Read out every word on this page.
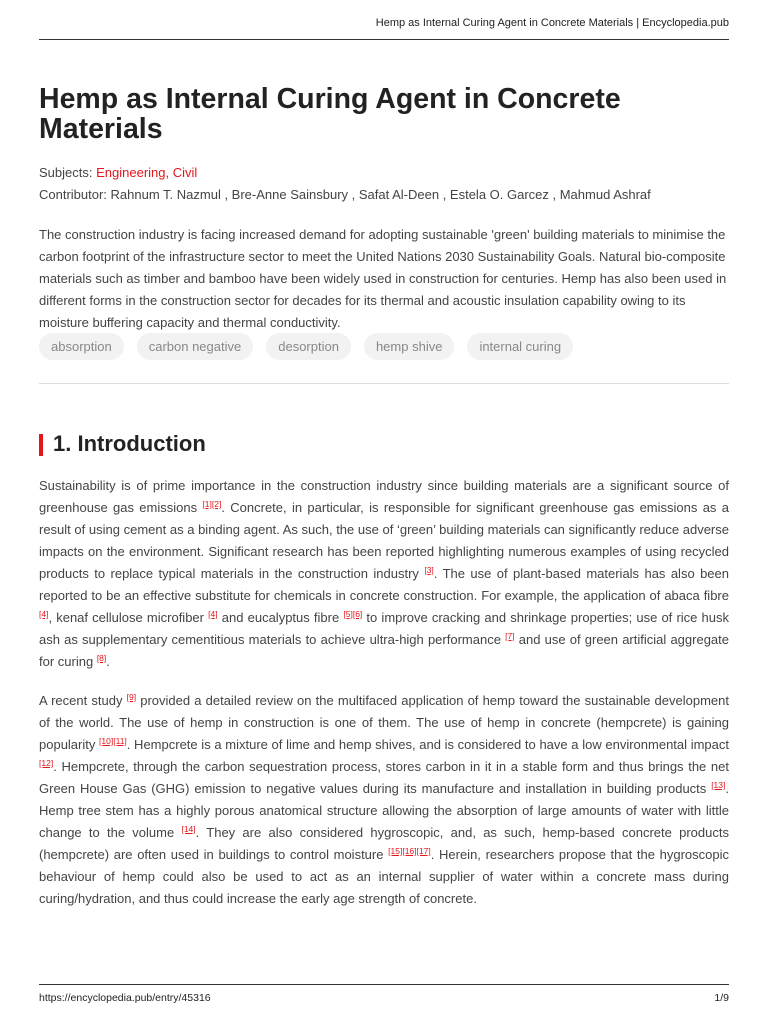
Hemp as Internal Curing Agent in Concrete Materials | Encyclopedia.pub
Hemp as Internal Curing Agent in Concrete Materials
Subjects: Engineering, Civil
Contributor: Rahnum T. Nazmul , Bre-Anne Sainsbury , Safat Al-Deen , Estela O. Garcez , Mahmud Ashraf

The construction industry is facing increased demand for adopting sustainable 'green' building materials to minimise the carbon footprint of the infrastructure sector to meet the United Nations 2030 Sustainability Goals. Natural bio-composite materials such as timber and bamboo have been widely used in construction for centuries. Hemp has also been used in different forms in the construction sector for decades for its thermal and acoustic insulation capability owing to its moisture buffering capacity and thermal conductivity.

absorption	carbon negative	desorption	hemp shive	internal curing
1. Introduction

Sustainability is of prime importance in the construction industry since building materials are a significant source of greenhouse gas emissions [1][2]. Concrete, in particular, is responsible for significant greenhouse gas emissions as a result of using cement as a binding agent. As such, the use of ‘green’ building materials can significantly reduce adverse impacts on the environment. Significant research has been reported highlighting numerous examples of using recycled products to replace typical materials in the construction industry [3]. The use of plant-based materials has also been reported to be an effective substitute for chemicals in concrete construction. For example, the application of abaca fibre [4], kenaf cellulose microfiber [4] and eucalyptus fibre [5][6] to improve cracking and shrinkage properties; use of rice husk ash as supplementary cementitious materials to achieve ultra-high performance [7] and use of green artificial aggregate for curing [8].

A recent study [9] provided a detailed review on the multifaced application of hemp toward the sustainable development of the world. The use of hemp in construction is one of them. The use of hemp in concrete (hempcrete) is gaining popularity [10][11]. Hempcrete is a mixture of lime and hemp shives, and is considered to have a low environmental impact [12]. Hempcrete, through the carbon sequestration process, stores carbon in it in a stable form and thus brings the net Green House Gas (GHG) emission to negative values during its manufacture and installation in building products [13]. Hemp tree stem has a highly porous anatomical structure allowing the absorption of large amounts of water with little change to the volume [14]. They are also considered hygroscopic, and, as such, hemp-based concrete products (hempcrete) are often used in buildings to control moisture [15][16][17]. Herein, researchers propose that the hygroscopic behaviour of hemp could also be used to act as an internal supplier of water within a concrete mass during curing/hydration, and thus could increase the early age strength of concrete.

https://encyclopedia.pub/entry/45316	1/9
